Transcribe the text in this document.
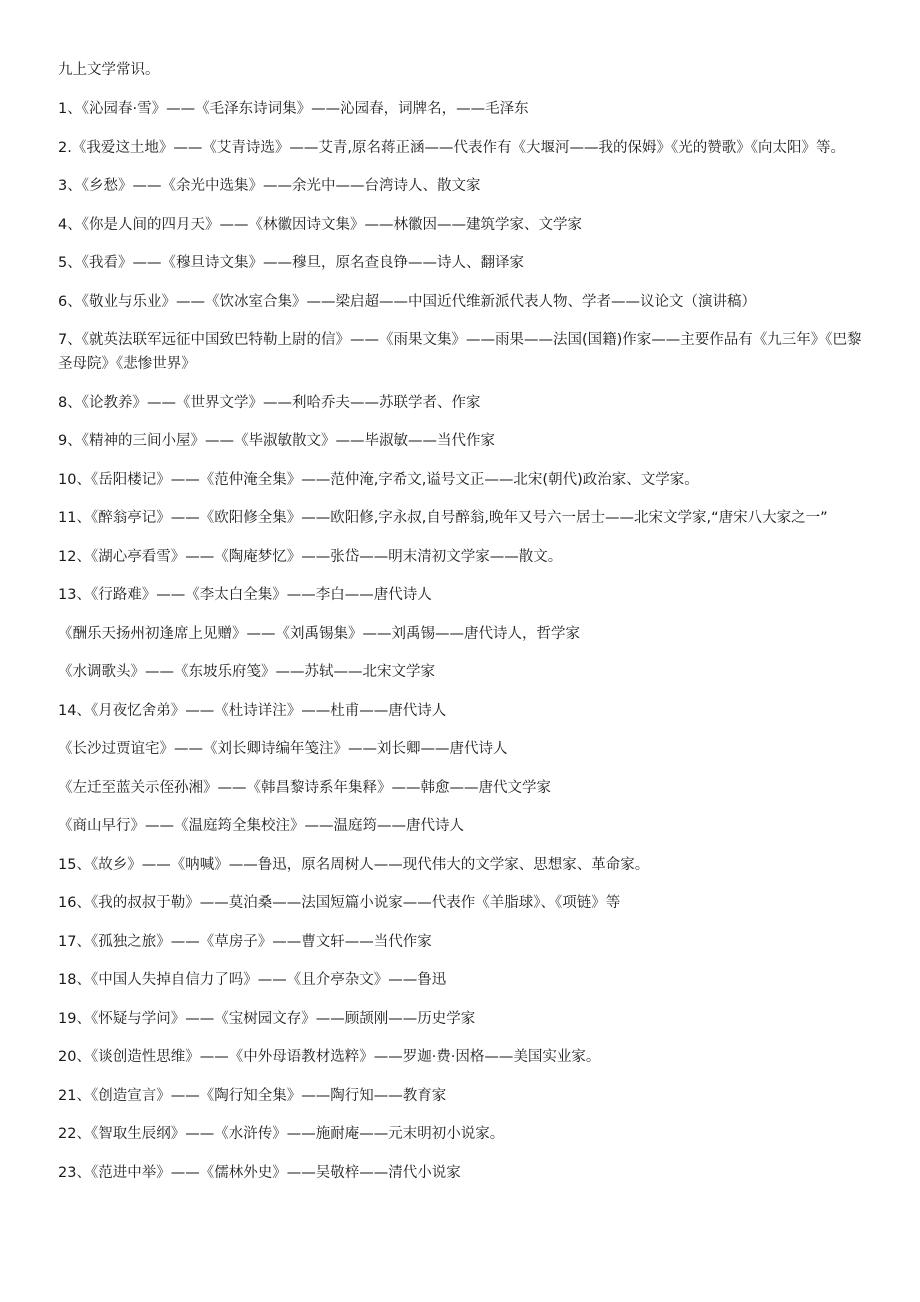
九上文学常识。
1、《沁园春·雪》——《毛泽东诗词集》——沁园春，词牌名，——毛泽东
2.《我爱这土地》——《艾青诗选》——艾青,原名蒋正涵——代表作有《大堰河——我的保姆》《光的赞歌》《向太阳》等。
3、《乡愁》——《余光中选集》——余光中——台湾诗人、散文家
4、《你是人间的四月天》——《林徽因诗文集》——林徽因——建筑学家、文学家
5、《我看》——《穆旦诗文集》——穆旦，原名查良铮——诗人、翻译家
6、《敬业与乐业》——《饮冰室合集》——梁启超——中国近代维新派代表人物、学者——议论文（演讲稿）
7、《就英法联军远征中国致巴特勒上尉的信》——《雨果文集》——雨果——法国(国籍)作家——主要作品有《九三年》《巴黎圣母院》《悲惨世界》
8、《论教养》——《世界文学》——利哈乔夫——苏联学者、作家
9、《精神的三间小屋》——《毕淑敏散文》——毕淑敏——当代作家
10、《岳阳楼记》——《范仲淹全集》——范仲淹,字希文,谥号文正——北宋(朝代)政治家、文学家。
11、《醉翁亭记》——《欧阳修全集》——欧阳修,字永叔,自号醉翁,晚年又号六一居士——北宋文学家,“唐宋八大家之一”
12、《湖心亭看雪》——《陶庵梦忆》——张岱——明末清初文学家——散文。
13、《行路难》——《李太白全集》——李白——唐代诗人
《酬乐天扬州初逢席上见赠》——《刘禹锡集》——刘禹锡——唐代诗人，哲学家
《水调歌头》——《东坡乐府笺》——苏轼——北宋文学家
14、《月夜忆舍弟》——《杜诗详注》——杜甫——唐代诗人
《长沙过贾谊宅》——《刘长卿诗编年笺注》——刘长卿——唐代诗人
《左迁至蓝关示侄孙湘》——《韩昌黎诗系年集释》——韩愈——唐代文学家
《商山早行》——《温庭筠全集校注》——温庭筠——唐代诗人
15、《故乡》——《呐喊》——鲁迅，原名周树人——现代伟大的文学家、思想家、革命家。
16、《我的叔叔于勒》——莫泊桑——法国短篇小说家——代表作《羊脂球》、《项链》等
17、《孤独之旅》——《草房子》——曹文轩——当代作家
18、《中国人失掉自信力了吗》——《且介亭杂文》——鲁迅
19、《怀疑与学问》——《宝树园文存》——顾颉刚——历史学家
20、《谈创造性思维》——《中外母语教材选粹》——罗迦·费·因格——美国实业家。
21、《创造宣言》——《陶行知全集》——陶行知——教育家
22、《智取生辰纲》——《水浒传》——施耐庵——元末明初小说家。
23、《范进中举》——《儒林外史》——吴敬梓——清代小说家
